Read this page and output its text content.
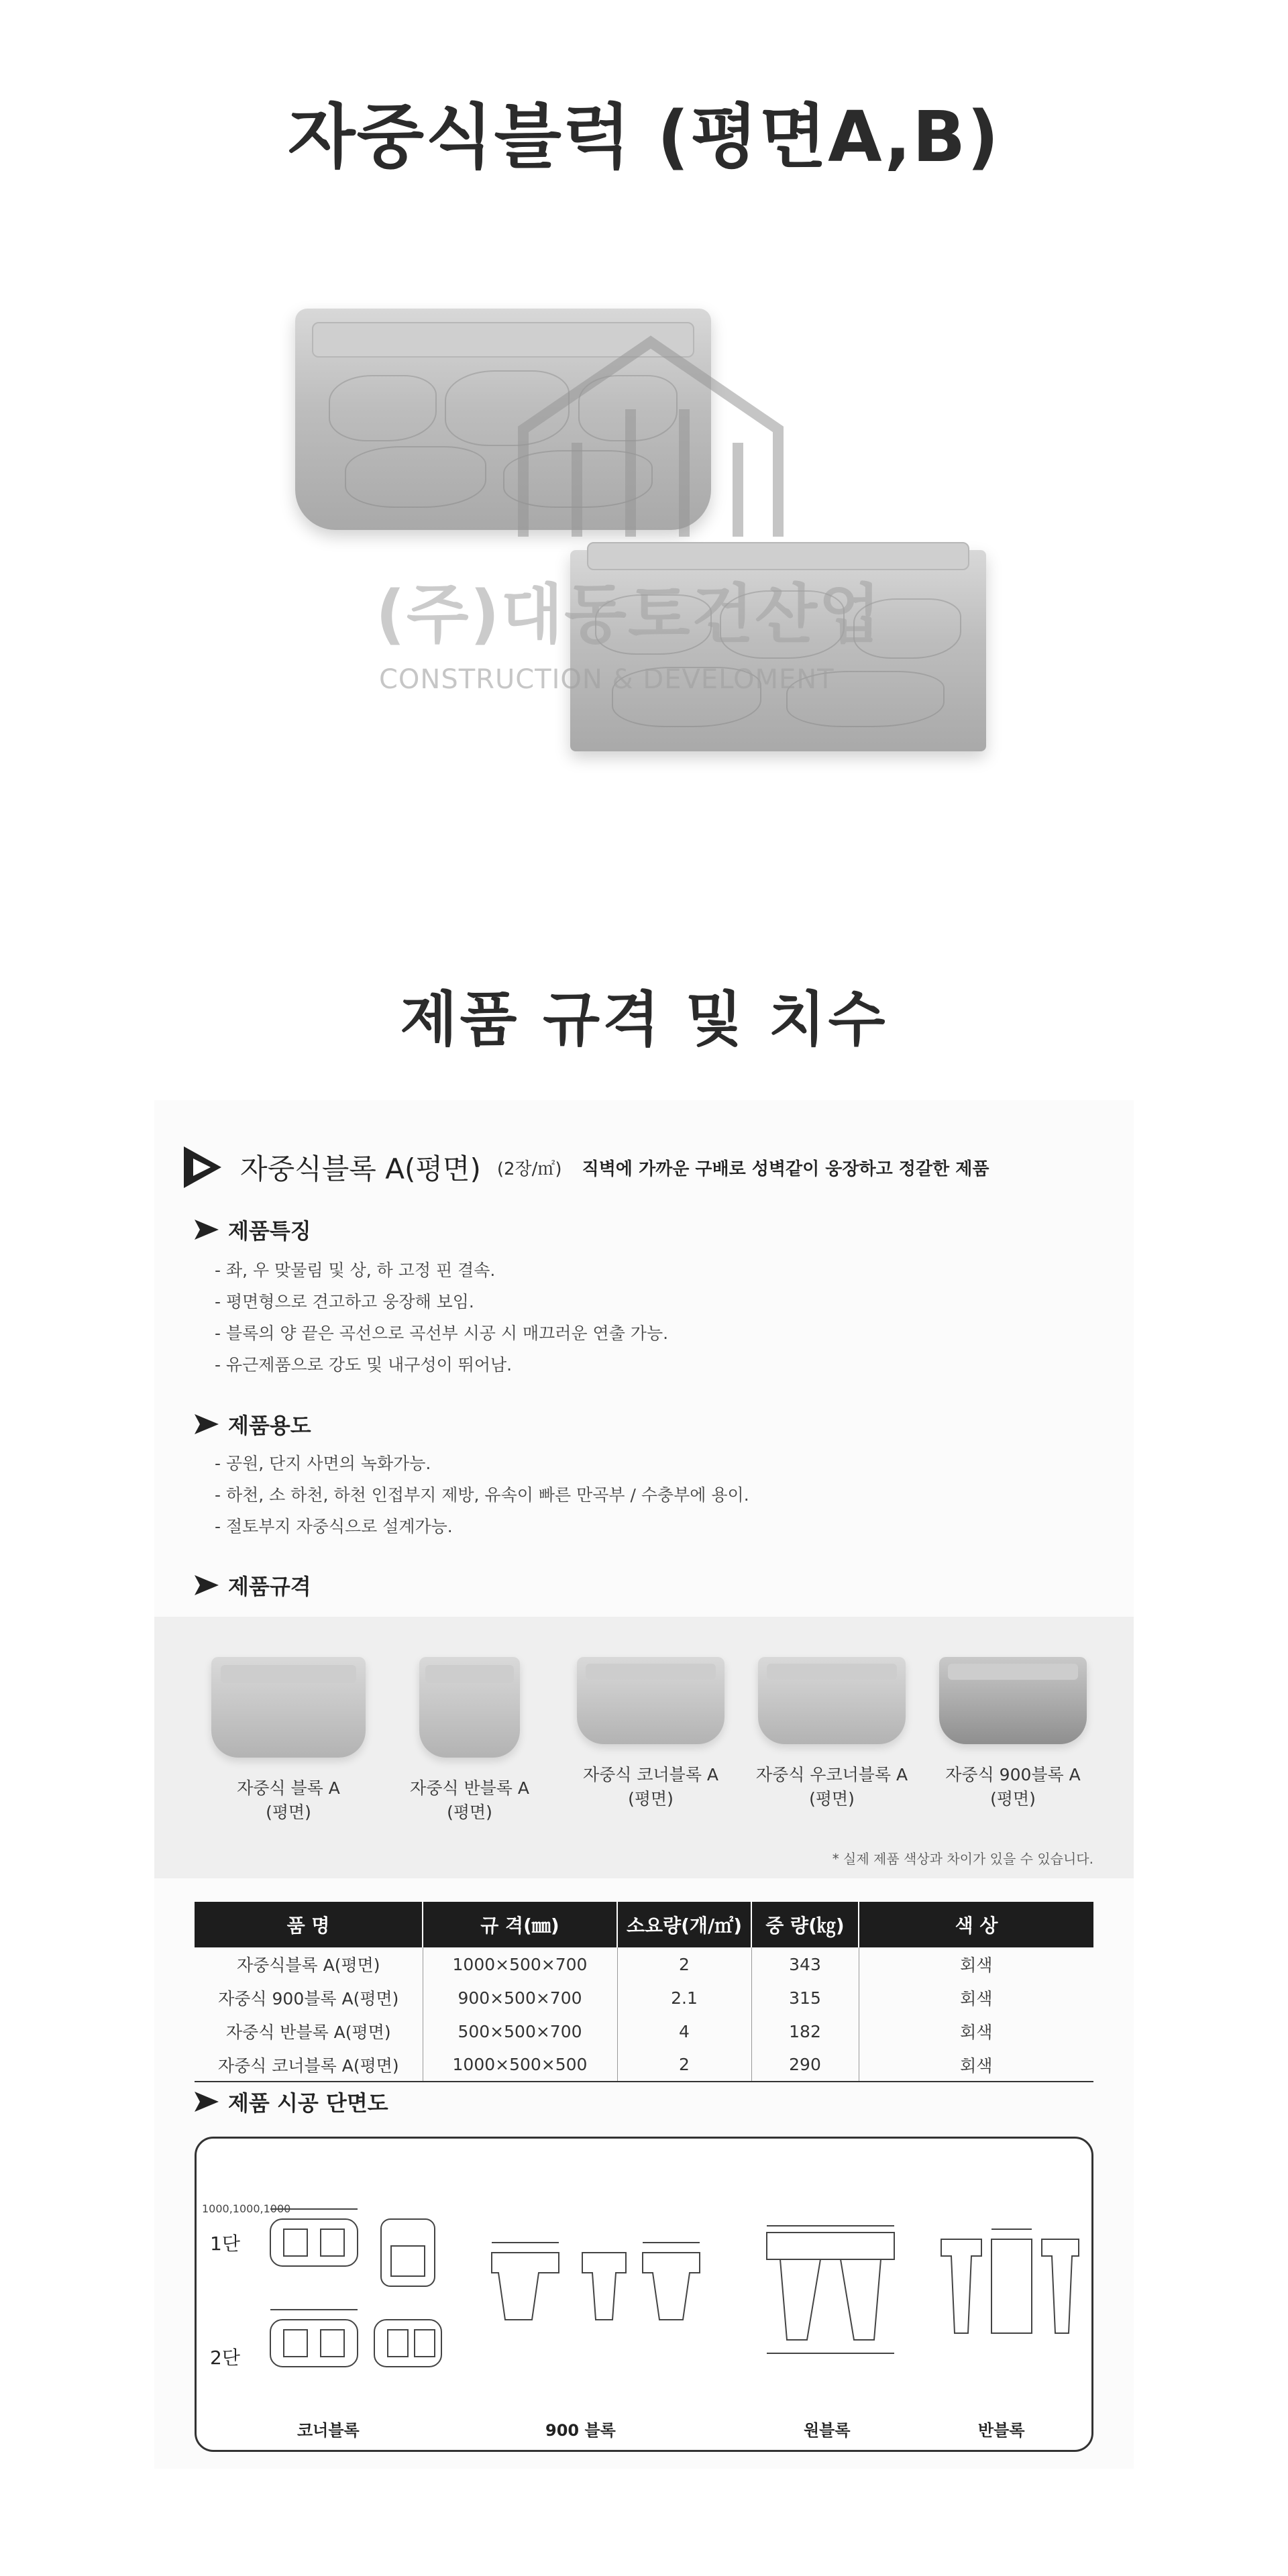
자중식블럭 (평면A,B)
(주)대동토건산업
CONSTRUCTION & DEVELOMENT
제품 규격 및 치수
자중식블록 A(평면) (2장/㎡) 직벽에 가까운 구배로 성벽같이 웅장하고 정갈한 제품
제품특징
- 좌, 우 맞물림 및 상, 하 고정 핀 결속.
- 평면형으로 견고하고 웅장해 보임.
- 블록의 양 끝은 곡선으로 곡선부 시공 시 매끄러운 연출 가능.
- 유근제품으로 강도 및 내구성이 뛰어남.
제품용도
- 공원, 단지 사면의 녹화가능.
- 하천, 소 하천, 하천 인접부지 제방, 유속이 빠른 만곡부 / 수충부에 용이.
- 절토부지 자중식으로 설계가능.
제품규격
자중식 블록 A
(평면)
자중식 반블록 A
(평면)
자중식 코너블록 A
(평면)
자중식 우코너블록 A
(평면)
자중식 900블록 A
(평면)
* 실제 제품 색상과 차이가 있을 수 있습니다.
품 명	규 격(㎜)	소요량(개/㎡)	중 량(㎏)	색 상
자중식블록 A(평면)	1000×500×700	2	343	회색
자중식 900블록 A(평면)	900×500×700	2.1	315	회색
자중식 반블록 A(평면)	500×500×700	4	182	회색
자중식 코너블록 A(평면)	1000×500×500	2	290	회색
제품 시공 단면도
1000,1000,1000
1단
2단
코너블록	900 블록	원블록	반블록
